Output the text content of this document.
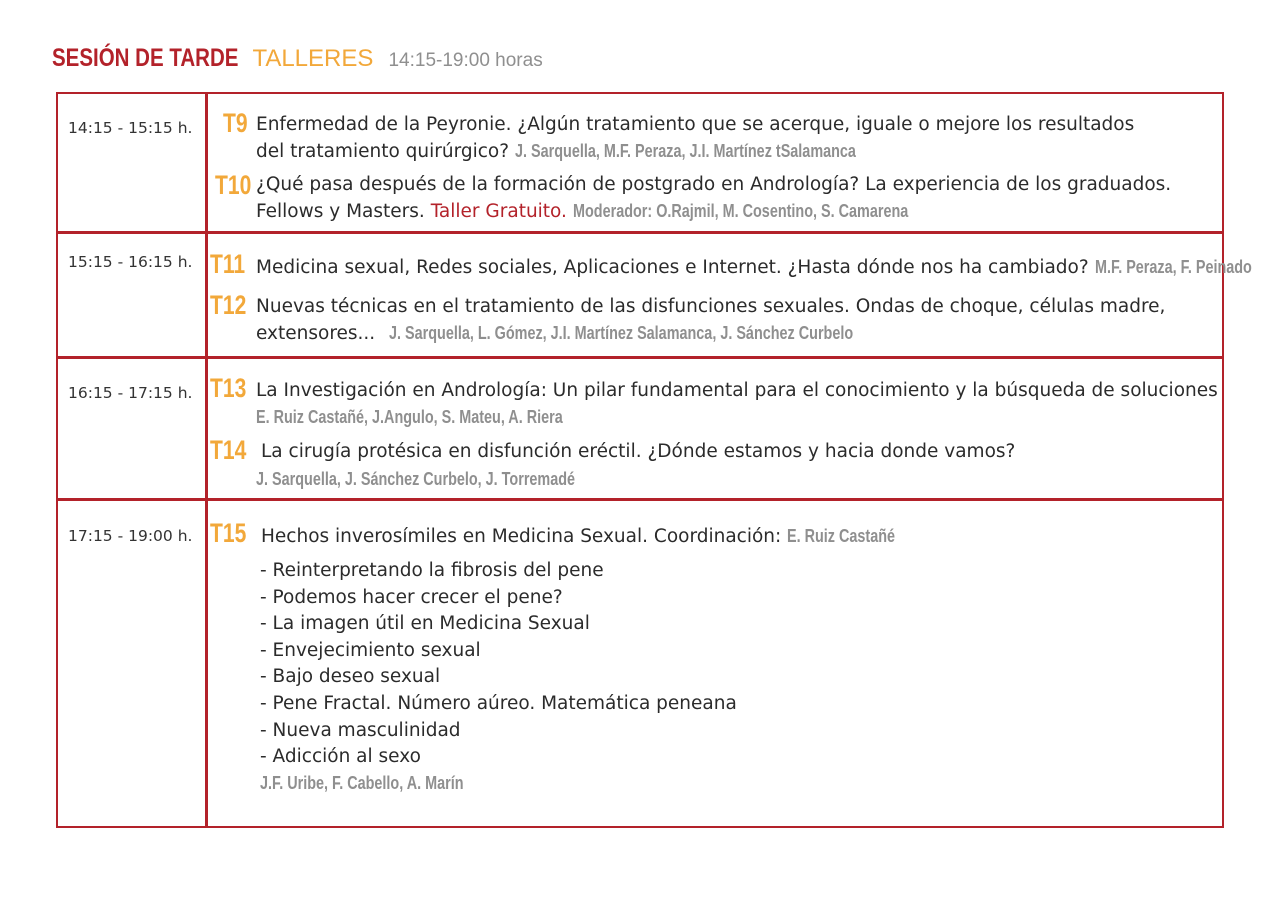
SESIÓN DE TARDE TALLERES 14:15-19:00 horas
14:15 - 15:15 h. T9 Enfermedad de la Peyronie. ¿Algún tratamiento que se acerque, iguale o mejore los resultados
del tratamiento quirúrgico? J. Sarquella, M.F. Peraza, J.I. Martínez tSalamanca
T10 ¿Qué pasa después de la formación de postgrado en Andrología? La experiencia de los graduados.
Fellows y Masters. Taller Gratuito. Moderador: O.Rajmil, M. Cosentino, S. Camarena
15:15 - 16:15 h. T11 Medicina sexual, Redes sociales, Aplicaciones e Internet. ¿Hasta dónde nos ha cambiado? M.F. Peraza, F. Peinado
T12 Nuevas técnicas en el tratamiento de las disfunciones sexuales. Ondas de choque, células madre,
extensores... J. Sarquella, L. Gómez, J.I. Martínez Salamanca, J. Sánchez Curbelo
16:15 - 17:15 h. T13 La Investigación en Andrología: Un pilar fundamental para el conocimiento y la búsqueda de soluciones
E. Ruiz Castañé, J.Angulo, S. Mateu, A. Riera
T14 La cirugía protésica en disfunción eréctil. ¿Dónde estamos y hacia donde vamos?
J. Sarquella, J. Sánchez Curbelo, J. Torremadé
17:15 - 19:00 h. T15 Hechos inverosímiles en Medicina Sexual. Coordinación: E. Ruiz Castañé
- Reinterpretando la fibrosis del pene
- Podemos hacer crecer el pene?
- La imagen útil en Medicina Sexual
- Envejecimiento sexual
- Bajo deseo sexual
- Pene Fractal. Número aúreo. Matemática peneana
- Nueva masculinidad
- Adicción al sexo
J.F. Uribe, F. Cabello, A. Marín
